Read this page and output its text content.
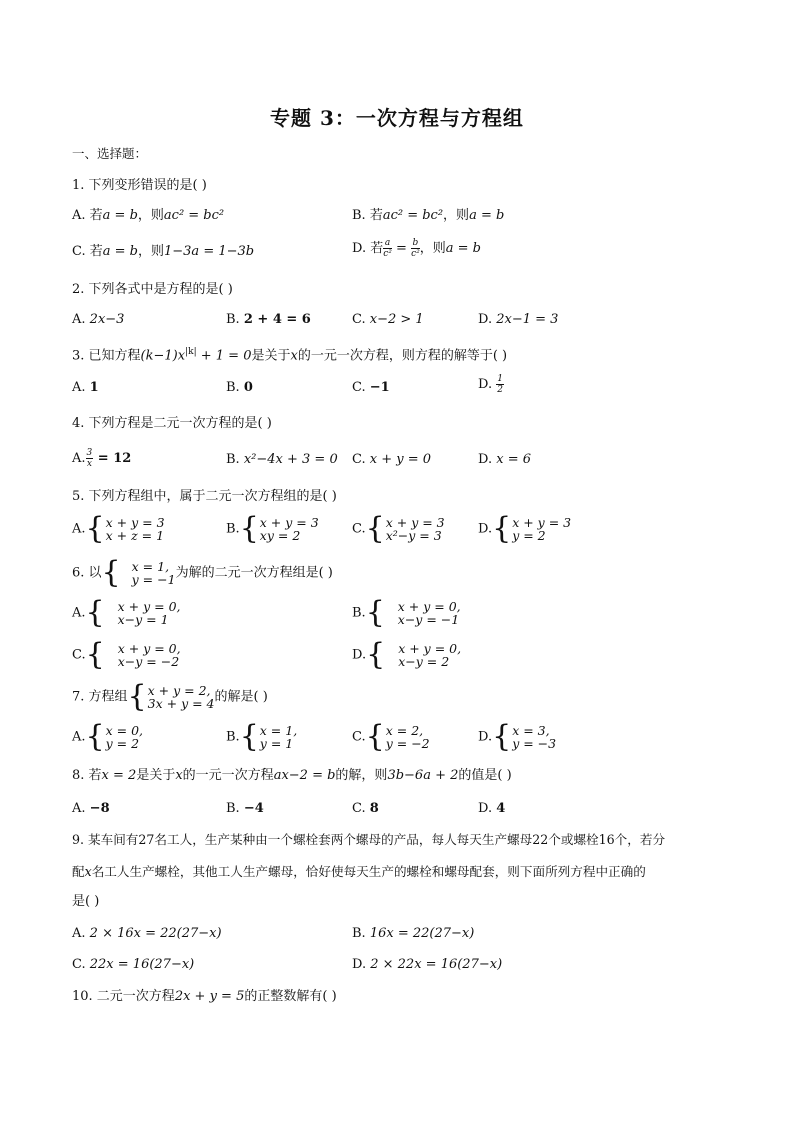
专题 3：一次方程与方程组
一、选择题：
1. 下列变形错误的是( )
A. 若a = b，则ac² = bc²	B. 若ac² = bc²，则a = b
C. 若a = b，则1−3a = 1−3b	D. 若 $\frac{a}{\text{c²}} = \frac{b}{\text{c²}}$ ，则a = b
2. 下列各式中是方程的是( )
A. 2x−3	B. 2 + 4 = 6	C. x−2 > 1	D. 2x−1 = 3
3. 已知方程$(k-1)x^{|k|} + 1 = 0$是关于x的一元一次方程，则方程的解等于( )
A. 1	B. 0	C. −1	D. $\frac{1}{2}$
4. 下列方程是二元一次方程的是( )
A. $\frac{3}{x} = 12$	B. x²−4x + 3 = 0 C. x + y = 0	D. x = 6
5. 下列方程组中，属于二元一次方程组的是( )
A. { x + y = 3
x + z = 1	B. { x + y = 3
xy = 2	C. { x + y = 3
x²−y = 3	D. { x + y = 3
y = 2
6. 以 { x = 1,
y = −1 为解的二元一次方程组是( )
A. { x + y = 0,
x−y = 1	B. { x + y = 0,
x−y = −1
C. { x + y = 0,
x−y = −2	D. { x + y = 0,
x−y = 2
7. 方程组 { x + y = 2,
3x + y = 4 的解是( )
A. { x = 0,
y = 2	B. { x = 1,
y = 1	C. { x = 2,
y = −2	D. { x = 3,
y = −3
8. 若x = 2是关于x的一元一次方程ax−2 = b的解，则3b−6a + 2的值是( )
A. −8	B. −4	C. 8	D. 4
9. 某车间有27名工人，生产某种由一个螺栓套两个螺母的产品，每人每天生产螺母22个或螺栓16个，若分
配x名工人生产螺栓，其他工人生产螺母，恰好使每天生产的螺栓和螺母配套，则下面所列方程中正确的
是( )
A. 2 × 16x = 22(27−x)	B. 16x = 22(27−x)
C. 22x = 16(27−x)	D. 2 × 22x = 16(27−x)
10. 二元一次方程2x + y = 5的正整数解有( )
